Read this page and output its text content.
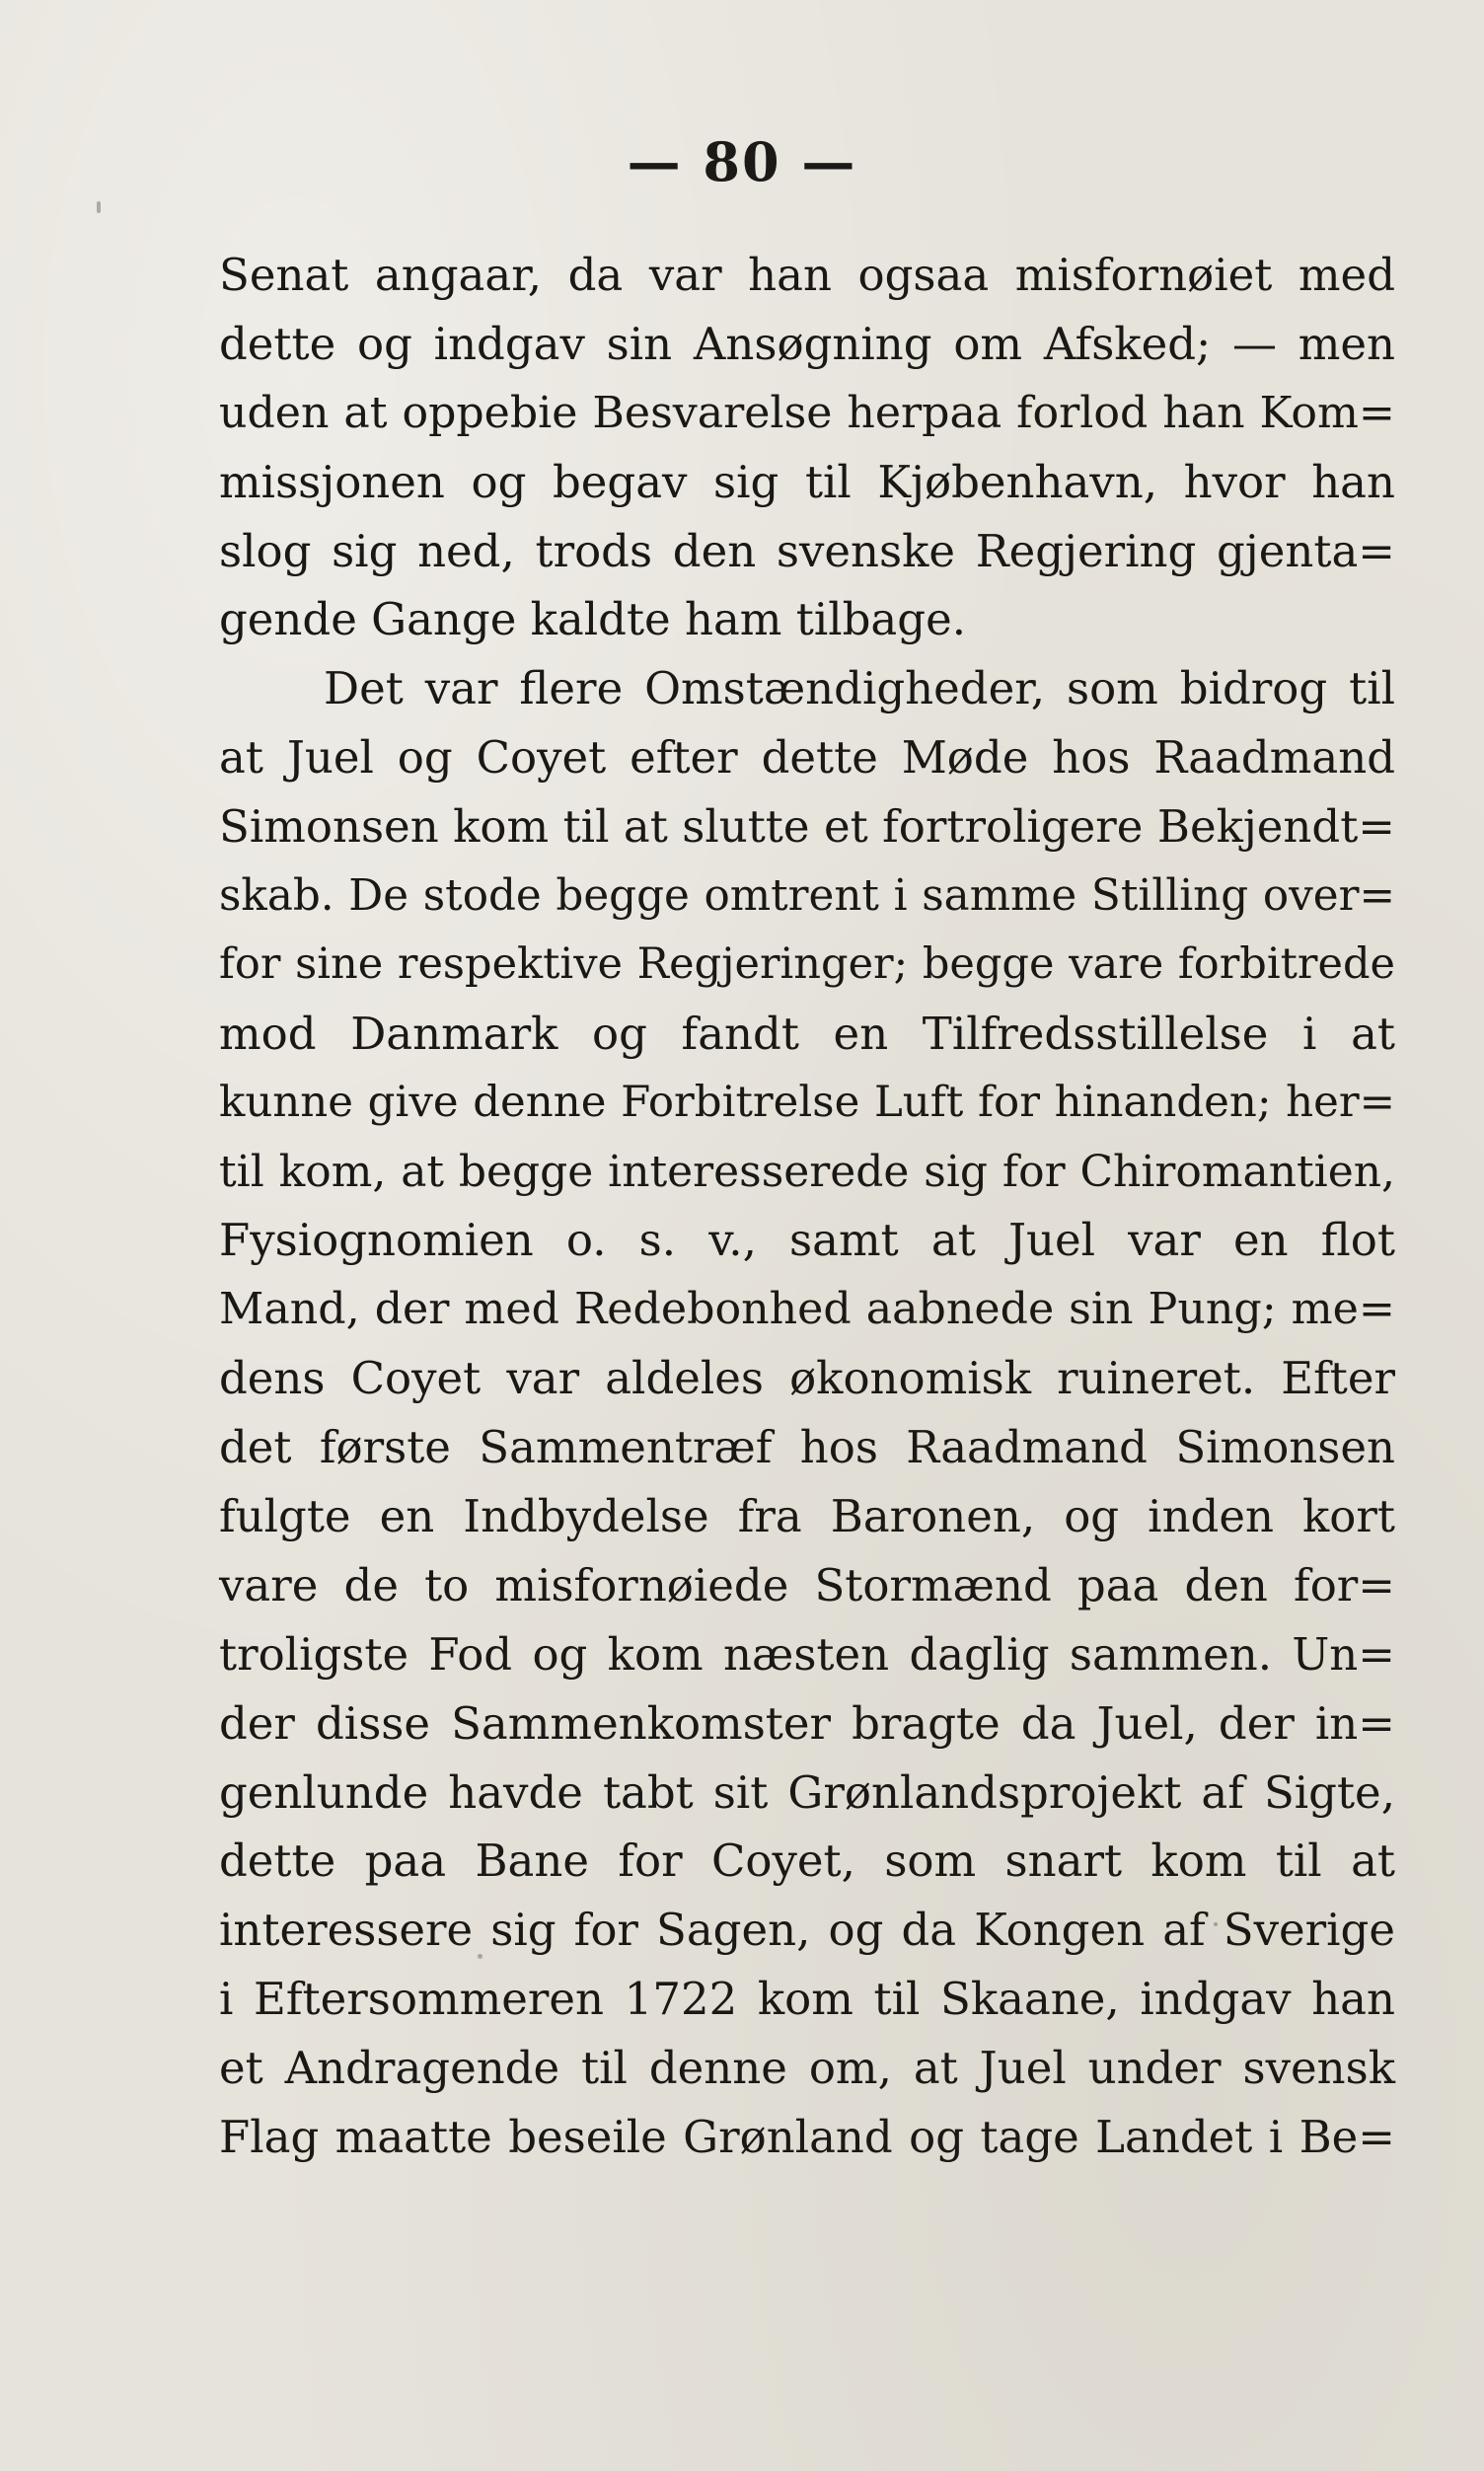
— 80 —
Senat angaar, da var han ogsaa misfornøiet med
dette og indgav sin Ansøgning om Afsked; — men
uden at oppebie Besvarelse herpaa forlod han Kom=
missjonen og begav sig til Kjøbenhavn, hvor han
slog sig ned, trods den svenske Regjering gjenta=
gende Gange kaldte ham tilbage.
Det var flere Omstændigheder, som bidrog til
at Juel og Coyet efter dette Møde hos Raadmand
Simonsen kom til at slutte et fortroligere Bekjendt=
skab. De stode begge omtrent i samme Stilling over=
for sine respektive Regjeringer; begge vare forbitrede
mod Danmark og fandt en Tilfredsstillelse i at
kunne give denne Forbitrelse Luft for hinanden; her=
til kom, at begge interesserede sig for Chiromantien,
Fysiognomien o. s. v., samt at Juel var en flot
Mand, der med Redebonhed aabnede sin Pung; me=
dens Coyet var aldeles økonomisk ruineret. Efter
det første Sammentræf hos Raadmand Simonsen
fulgte en Indbydelse fra Baronen, og inden kort
vare de to misfornøiede Stormænd paa den for=
troligste Fod og kom næsten daglig sammen. Un=
der disse Sammenkomster bragte da Juel, der in=
genlunde havde tabt sit Grønlandsprojekt af Sigte,
dette paa Bane for Coyet, som snart kom til at
interessere sig for Sagen, og da Kongen af Sverige
i Eftersommeren 1722 kom til Skaane, indgav han
et Andragende til denne om, at Juel under svensk
Flag maatte beseile Grønland og tage Landet i Be=
